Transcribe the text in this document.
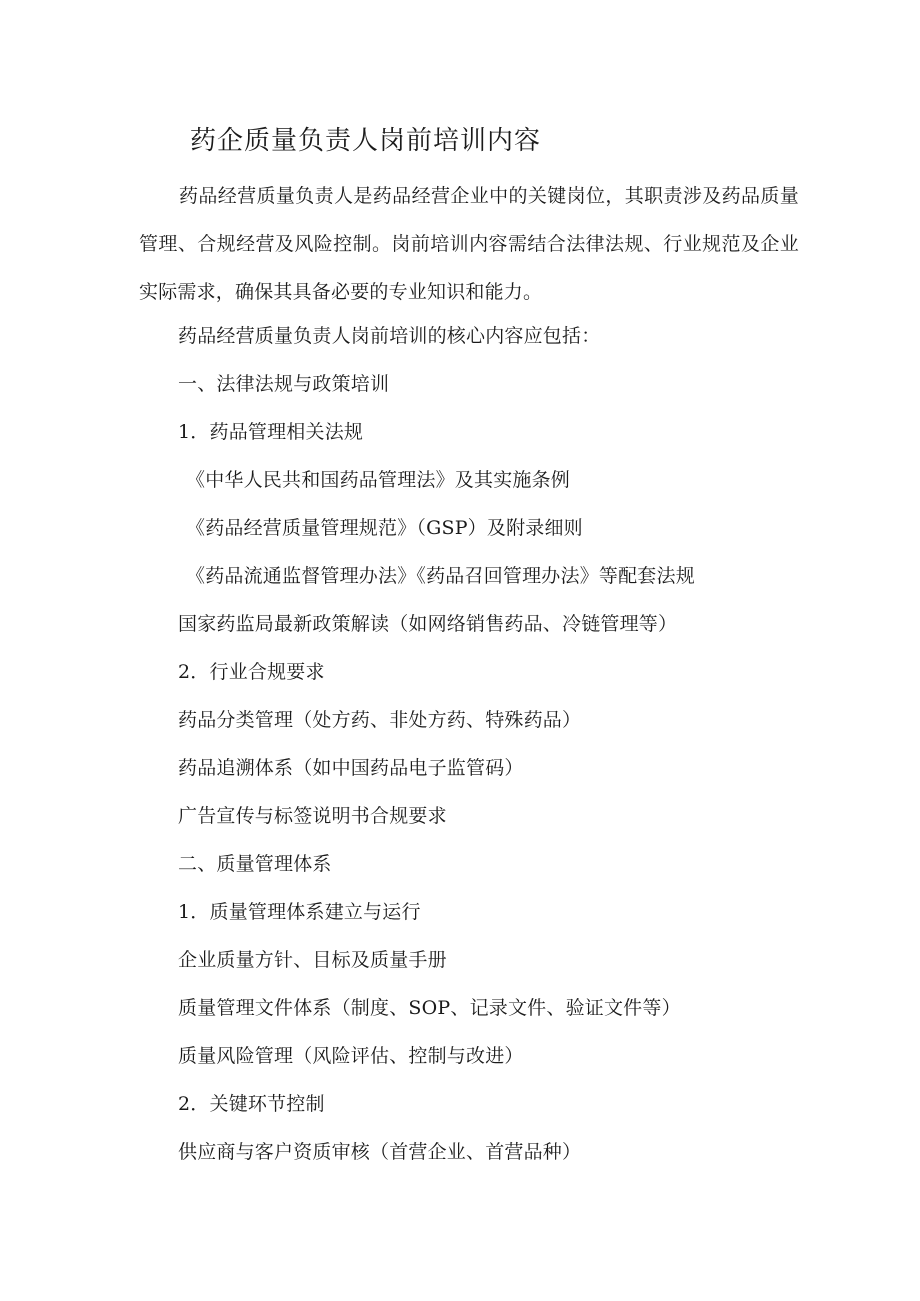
药企质量负责人岗前培训内容
药品经营质量负责人是药品经营企业中的关键岗位，其职责涉及药品质量管理、合规经营及风险控制。岗前培训内容需结合法律法规、行业规范及企业实际需求，确保其具备必要的专业知识和能力。
药品经营质量负责人岗前培训的核心内容应包括：
一、法律法规与政策培训
1．药品管理相关法规
《中华人民共和国药品管理法》及其实施条例
《药品经营质量管理规范》（GSP）及附录细则
《药品流通监督管理办法》《药品召回管理办法》等配套法规
国家药监局最新政策解读（如网络销售药品、冷链管理等）
2．行业合规要求
药品分类管理（处方药、非处方药、特殊药品）
药品追溯体系（如中国药品电子监管码）
广告宣传与标签说明书合规要求
二、质量管理体系
1．质量管理体系建立与运行
企业质量方针、目标及质量手册
质量管理文件体系（制度、SOP、记录文件、验证文件等）
质量风险管理（风险评估、控制与改进）
2．关键环节控制
供应商与客户资质审核（首营企业、首营品种）
